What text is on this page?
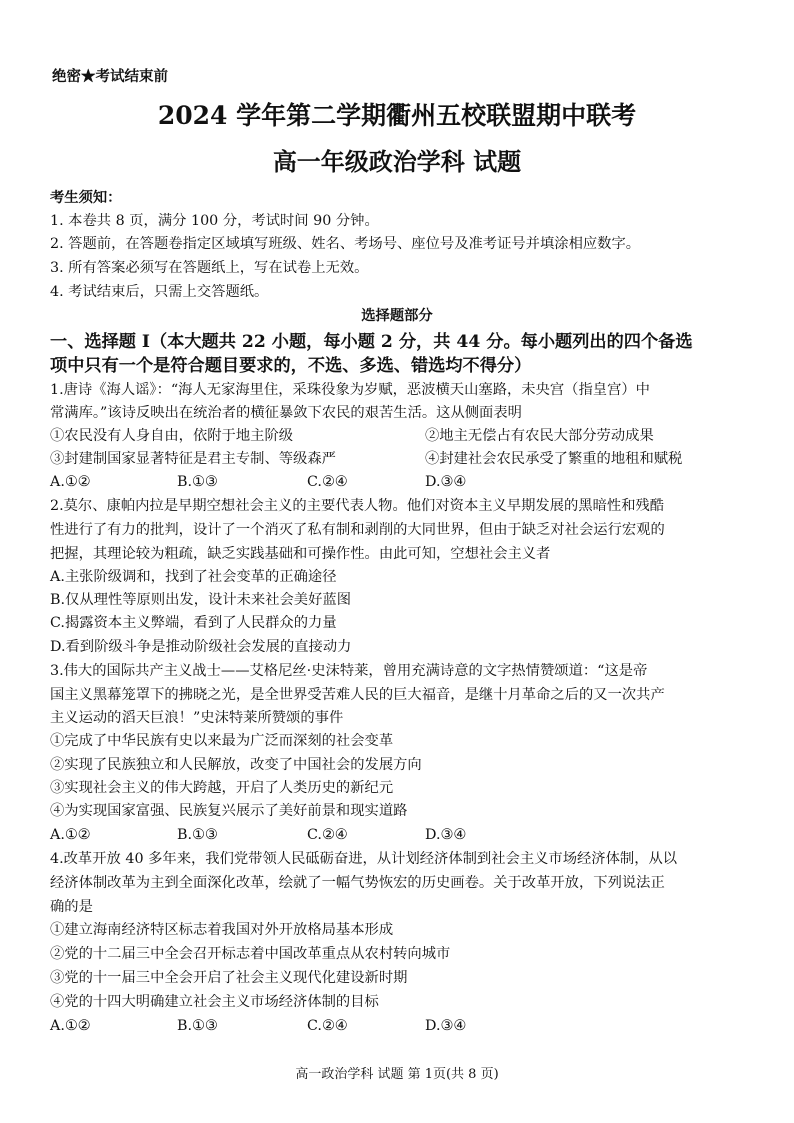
绝密★考试结束前
2024 学年第二学期衢州五校联盟期中联考
高一年级政治学科 试题
考生须知：
1. 本卷共 8 页，满分 100 分，考试时间 90 分钟。
2. 答题前，在答题卷指定区域填写班级、姓名、考场号、座位号及准考证号并填涂相应数字。
3. 所有答案必须写在答题纸上，写在试卷上无效。
4. 考试结束后，只需上交答题纸。
选择题部分
一、选择题 Ⅰ（本大题共 22 小题，每小题 2 分，共 44 分。每小题列出的四个备选
项中只有一个是符合题目要求的，不选、多选、错选均不得分）
1.唐诗《海人谣》：“海人无家海里住，采珠役象为岁赋，恶波横天山塞路，未央宫（指皇宫）中
常满库。”该诗反映出在统治者的横征暴敛下农民的艰苦生活。这从侧面表明
①农民没有人身自由，依附于地主阶级	②地主无偿占有农民大部分劳动成果
③封建制国家显著特征是君主专制、等级森严	④封建社会农民承受了繁重的地租和赋税
A.①②	B.①③	C.②④	D.③④
2.莫尔、康帕内拉是早期空想社会主义的主要代表人物。他们对资本主义早期发展的黑暗性和残酷
性进行了有力的批判，设计了一个消灭了私有制和剥削的大同世界，但由于缺乏对社会运行宏观的
把握，其理论较为粗疏，缺乏实践基础和可操作性。由此可知，空想社会主义者
A.主张阶级调和，找到了社会变革的正确途径
B.仅从理性等原则出发，设计未来社会美好蓝图
C.揭露资本主义弊端，看到了人民群众的力量
D.看到阶级斗争是推动阶级社会发展的直接动力
3.伟大的国际共产主义战士——艾格尼丝·史沫特莱，曾用充满诗意的文字热情赞颂道：“这是帝
国主义黑幕笼罩下的拂晓之光，是全世界受苦难人民的巨大福音，是继十月革命之后的又一次共产
主义运动的滔天巨浪！”史沫特莱所赞颂的事件
①完成了中华民族有史以来最为广泛而深刻的社会变革
②实现了民族独立和人民解放，改变了中国社会的发展方向
③实现社会主义的伟大跨越，开启了人类历史的新纪元
④为实现国家富强、民族复兴展示了美好前景和现实道路
A.①②	B.①③	C.②④	D.③④
4.改革开放 40 多年来，我们党带领人民砥砺奋进，从计划经济体制到社会主义市场经济体制，从以
经济体制改革为主到全面深化改革，绘就了一幅气势恢宏的历史画卷。关于改革开放，下列说法正
确的是
①建立海南经济特区标志着我国对外开放格局基本形成
②党的十二届三中全会召开标志着中国改革重点从农村转向城市
③党的十一届三中全会开启了社会主义现代化建设新时期
④党的十四大明确建立社会主义市场经济体制的目标
A.①②	B.①③	C.②④	D.③④
高一政治学科 试题 第 1页(共 8 页)
